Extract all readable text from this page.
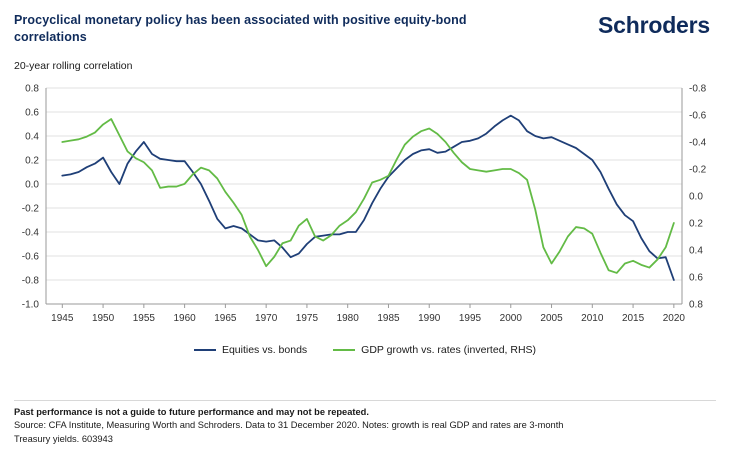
Procyclical monetary policy has been associated with positive equity-bond correlations	Schroders
20-year rolling correlation
0.8
0.6
0.4
0.2
0.0
-0.2
-0.4
-0.6
-0.8
-1.0
-0.8
-0.6
-0.4
-0.2
0.0
0.2
0.4
0.6
0.8
1945 1950 1955 1960 1965 1970 1975 1980 1985 1990 1995 2000 2005 2010 2015 2020
Equities vs. bonds	GDP growth vs. rates (inverted, RHS)
Past performance is not a guide to future performance and may not be repeated.
Source: CFA Institute, Measuring Worth and Schroders. Data to 31 December 2020. Notes: growth is real GDP and rates are 3-month
Treasury yields. 603943
